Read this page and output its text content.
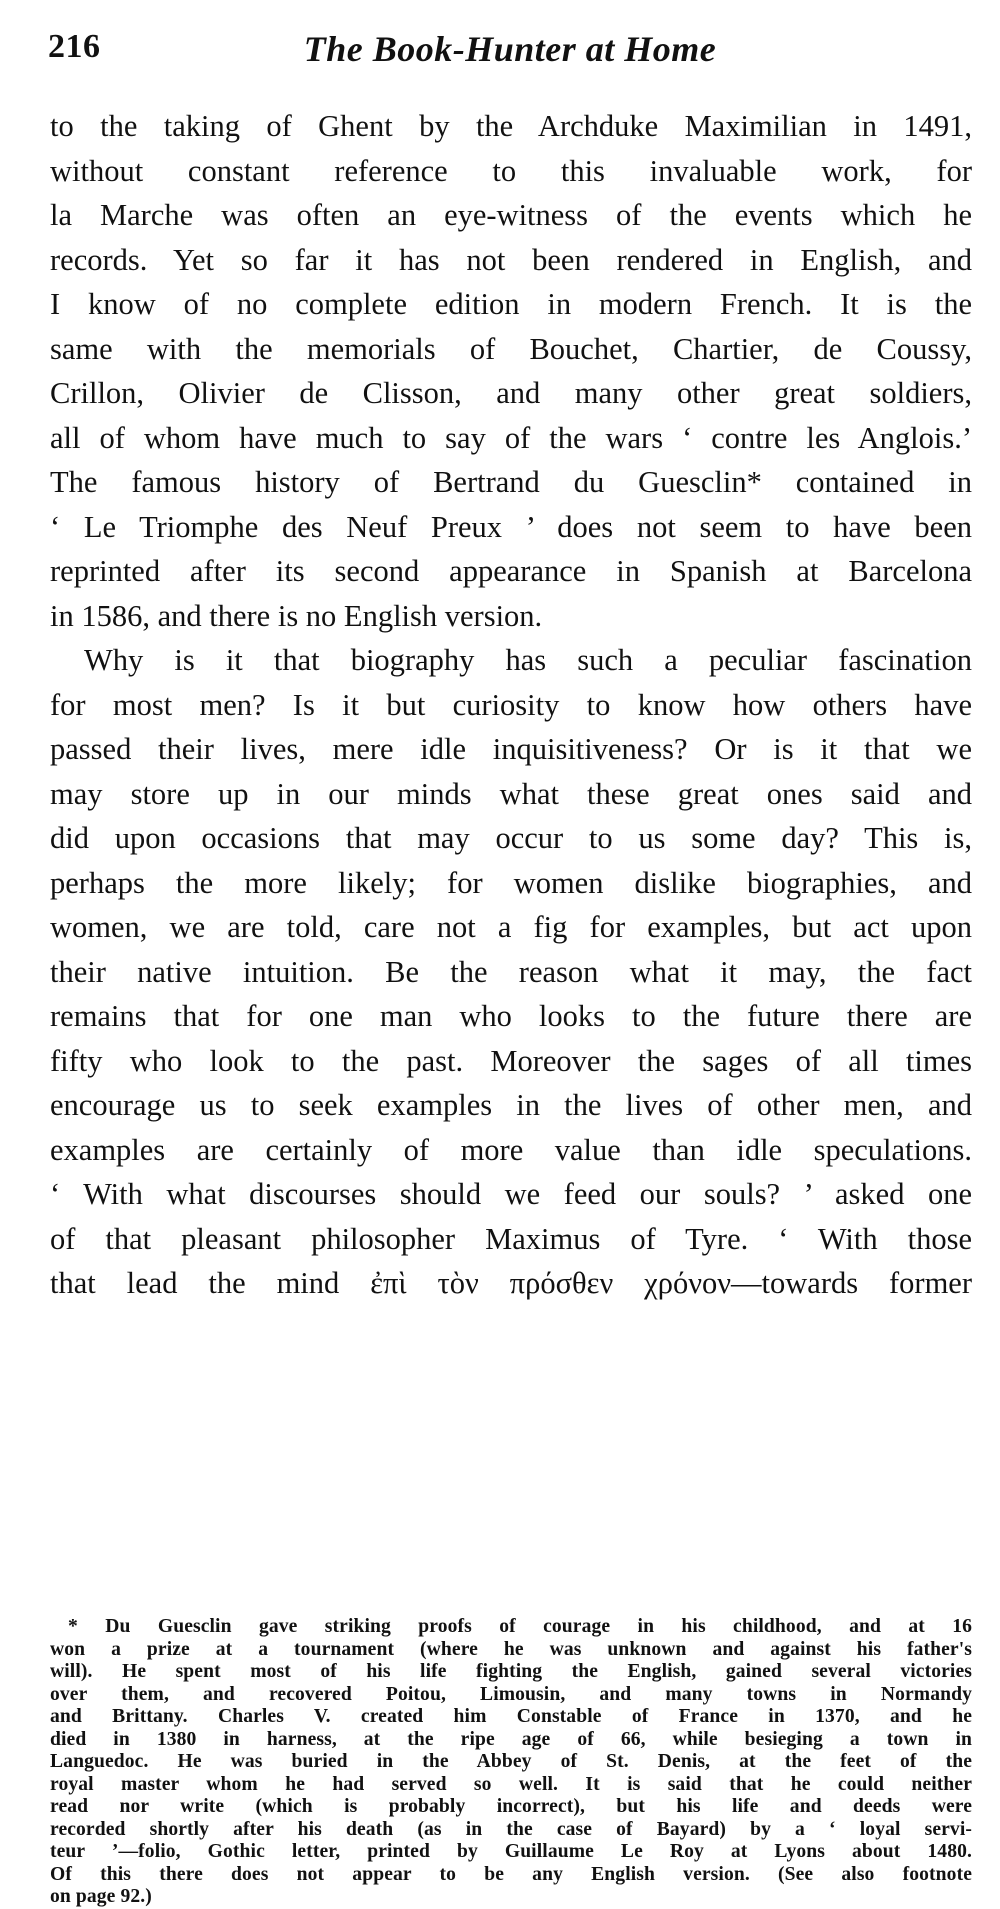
216	The Book-Hunter at Home
to the taking of Ghent by the Archduke Maximilian in 1491,
without constant reference to this invaluable work, for
la Marche was often an eye-witness of the events which he
records. Yet so far it has not been rendered in English, and
I know of no complete edition in modern French. It is the
same with the memorials of Bouchet, Chartier, de Coussy,
Crillon, Olivier de Clisson, and many other great soldiers,
all of whom have much to say of the wars ‘ contre les Anglois.’
The famous history of Bertrand du Guesclin* contained in
‘ Le Triomphe des Neuf Preux ’ does not seem to have been
reprinted after its second appearance in Spanish at Barcelona
in 1586, and there is no English version.
Why is it that biography has such a peculiar fascination
for most men? Is it but curiosity to know how others have
passed their lives, mere idle inquisitiveness? Or is it that we
may store up in our minds what these great ones said and
did upon occasions that may occur to us some day? This is,
perhaps the more likely; for women dislike biographies, and
women, we are told, care not a fig for examples, but act upon
their native intuition. Be the reason what it may, the fact
remains that for one man who looks to the future there are
fifty who look to the past. Moreover the sages of all times
encourage us to seek examples in the lives of other men, and
examples are certainly of more value than idle speculations.
‘ With what discourses should we feed our souls? ’ asked one
of that pleasant philosopher Maximus of Tyre. ‘ With those
that lead the mind ἐπὶ τὸν πρόσθεν χρόνον—towards former
* Du Guesclin gave striking proofs of courage in his childhood, and at 16
won a prize at a tournament (where he was unknown and against his father's
will). He spent most of his life fighting the English, gained several victories
over them, and recovered Poitou, Limousin, and many towns in Normandy
and Brittany. Charles V. created him Constable of France in 1370, and he
died in 1380 in harness, at the ripe age of 66, while besieging a town in
Languedoc. He was buried in the Abbey of St. Denis, at the feet of the
royal master whom he had served so well. It is said that he could neither
read nor write (which is probably incorrect), but his life and deeds were
recorded shortly after his death (as in the case of Bayard) by a ‘ loyal servi-
teur ’—folio, Gothic letter, printed by Guillaume Le Roy at Lyons about 1480.
Of this there does not appear to be any English version. (See also footnote
on page 92.)
